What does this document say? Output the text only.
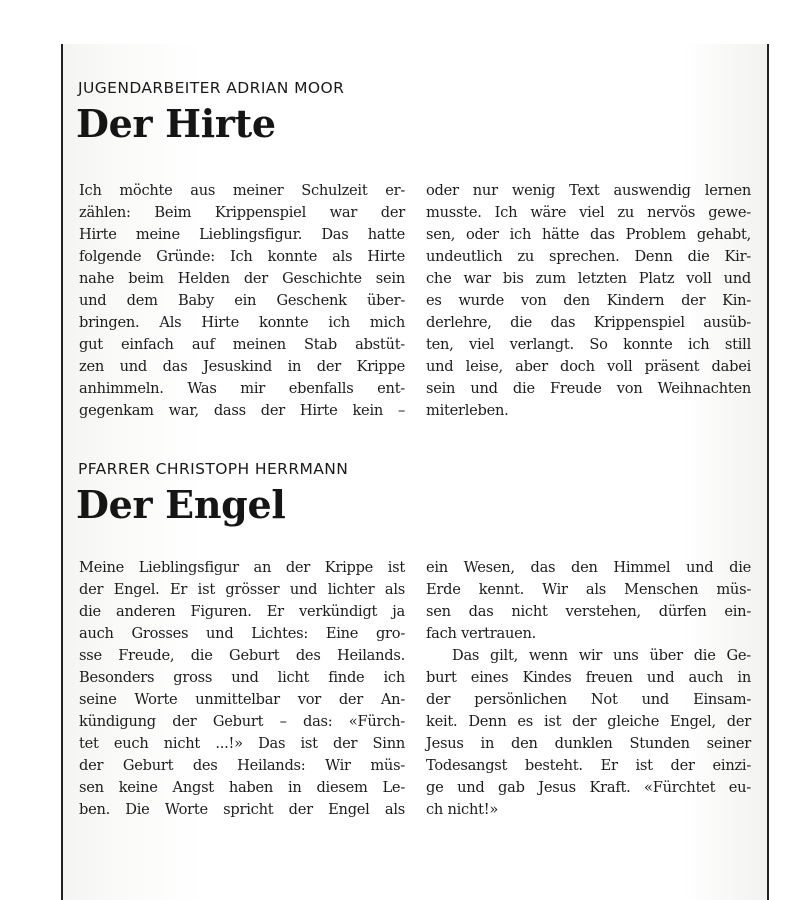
JUGENDARBEITER ADRIAN MOOR
Der Hirte
Ich möchte aus meiner Schulzeit er-
zählen: Beim Krippenspiel war der
Hirte meine Lieblingsfigur. Das hatte
folgende Gründe: Ich konnte als Hirte
nahe beim Helden der Geschichte sein
und dem Baby ein Geschenk über-
bringen. Als Hirte konnte ich mich
gut einfach auf meinen Stab abstüt-
zen und das Jesuskind in der Krippe
anhimmeln. Was mir ebenfalls ent-
gegenkam war, dass der Hirte kein –
oder nur wenig Text auswendig lernen
musste. Ich wäre viel zu nervös gewe-
sen, oder ich hätte das Problem gehabt,
undeutlich zu sprechen. Denn die Kir-
che war bis zum letzten Platz voll und
es wurde von den Kindern der Kin-
derlehre, die das Krippenspiel ausüb-
ten, viel verlangt. So konnte ich still
und leise, aber doch voll präsent dabei
sein und die Freude von Weihnachten
miterleben.
PFARRER CHRISTOPH HERRMANN
Der Engel
Meine Lieblingsfigur an der Krippe ist
der Engel. Er ist grösser und lichter als
die anderen Figuren. Er verkündigt ja
auch Grosses und Lichtes: Eine gro-
sse Freude, die Geburt des Heilands.
Besonders gross und licht finde ich
seine Worte unmittelbar vor der An-
kündigung der Geburt – das: «Fürch-
tet euch nicht ...!» Das ist der Sinn
der Geburt des Heilands: Wir müs-
sen keine Angst haben in diesem Le-
ben. Die Worte spricht der Engel als
ein Wesen, das den Himmel und die
Erde kennt. Wir als Menschen müs-
sen das nicht verstehen, dürfen ein-
fach vertrauen.
Das gilt, wenn wir uns über die Ge-
burt eines Kindes freuen und auch in
der persönlichen Not und Einsam-
keit. Denn es ist der gleiche Engel, der
Jesus in den dunklen Stunden seiner
Todesangst besteht. Er ist der einzi-
ge und gab Jesus Kraft. «Fürchtet eu-
ch nicht!»
